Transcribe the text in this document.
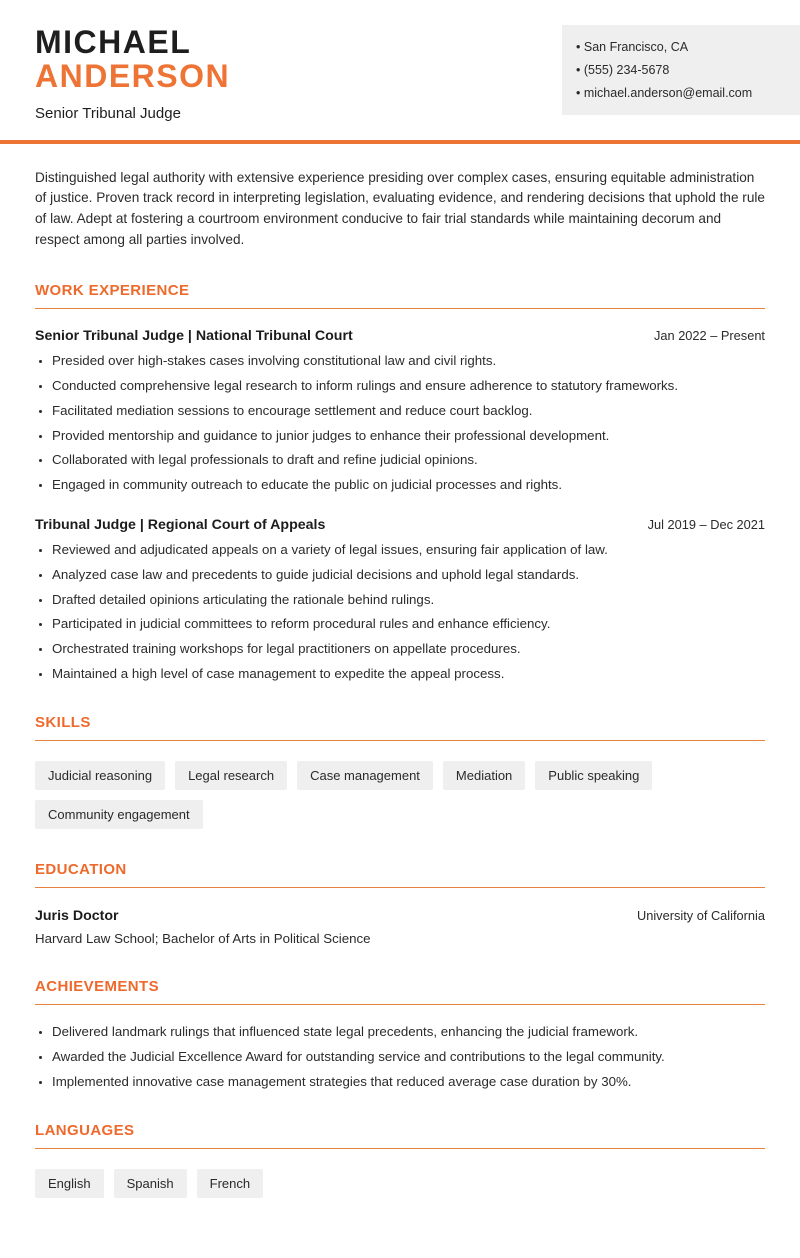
MICHAEL
ANDERSON
Senior Tribunal Judge
• San Francisco, CA
• (555) 234-5678
• michael.anderson@email.com

Distinguished legal authority with extensive experience presiding over complex cases, ensuring equitable administration of justice. Proven track record in interpreting legislation, evaluating evidence, and rendering decisions that uphold the rule of law. Adept at fostering a courtroom environment conducive to fair trial standards while maintaining decorum and respect among all parties involved.

WORK EXPERIENCE
Senior Tribunal Judge | National Tribunal Court	Jan 2022 – Present
• Presided over high-stakes cases involving constitutional law and civil rights.
• Conducted comprehensive legal research to inform rulings and ensure adherence to statutory frameworks.
• Facilitated mediation sessions to encourage settlement and reduce court backlog.
• Provided mentorship and guidance to junior judges to enhance their professional development.
• Collaborated with legal professionals to draft and refine judicial opinions.
• Engaged in community outreach to educate the public on judicial processes and rights.
Tribunal Judge | Regional Court of Appeals	Jul 2019 – Dec 2021
• Reviewed and adjudicated appeals on a variety of legal issues, ensuring fair application of law.
• Analyzed case law and precedents to guide judicial decisions and uphold legal standards.
• Drafted detailed opinions articulating the rationale behind rulings.
• Participated in judicial committees to reform procedural rules and enhance efficiency.
• Orchestrated training workshops for legal practitioners on appellate procedures.
• Maintained a high level of case management to expedite the appeal process.
SKILLS
Judicial reasoning	Legal research	Case management	Mediation	Public speaking
Community engagement
EDUCATION
Juris Doctor	University of California
Harvard Law School; Bachelor of Arts in Political Science
ACHIEVEMENTS
• Delivered landmark rulings that influenced state legal precedents, enhancing the judicial framework.
• Awarded the Judicial Excellence Award for outstanding service and contributions to the legal community.
• Implemented innovative case management strategies that reduced average case duration by 30%.
LANGUAGES
English	Spanish	French
